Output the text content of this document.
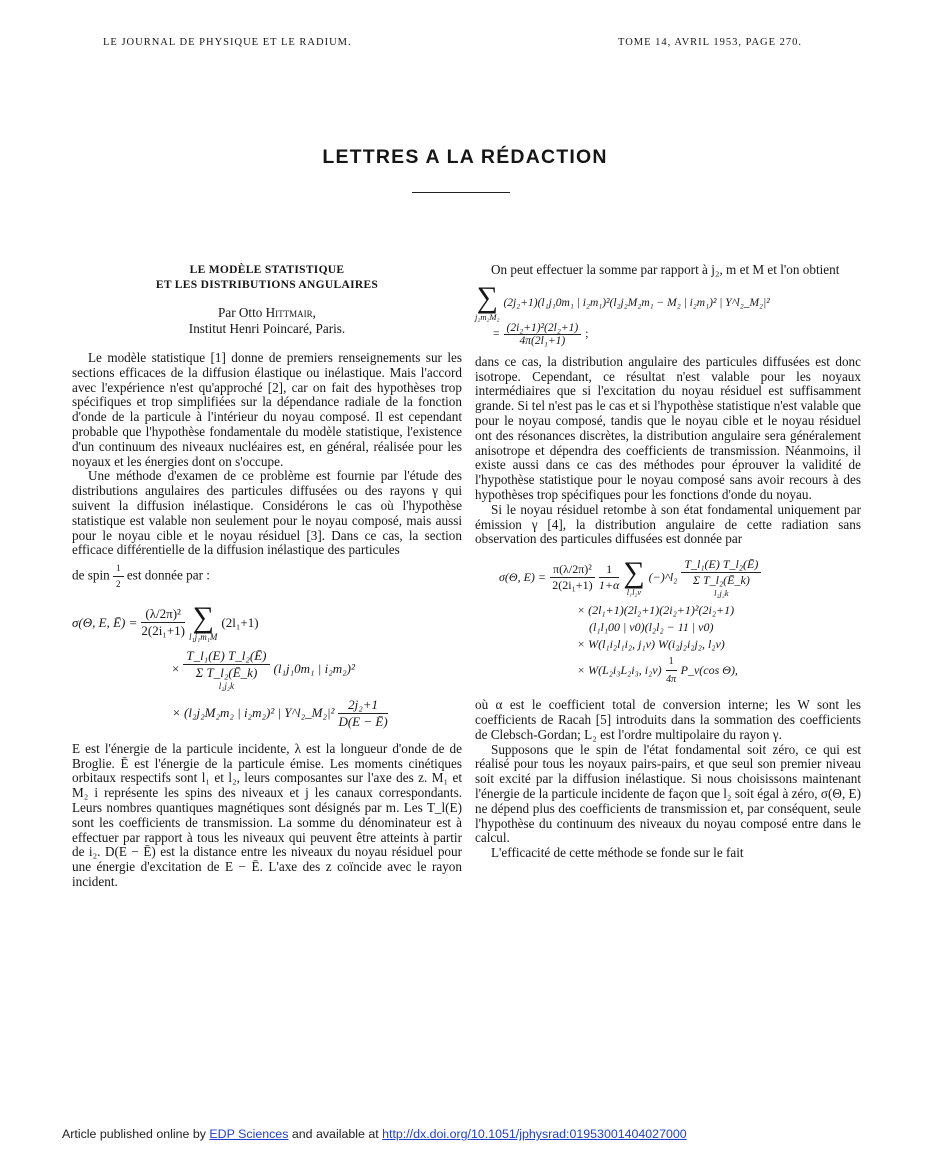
LE JOURNAL DE PHYSIQUE ET LE RADIUM.	TOME 14, AVRIL 1953, PAGE 270.
LETTRES A LA RÉDACTION
LE MODÈLE STATISTIQUE
ET LES DISTRIBUTIONS ANGULAIRES
Par Otto Hittmair,
Institut Henri Poincaré, Paris.

Le modèle statistique [1] donne de premiers renseignements sur les sections efficaces de la diffusion élastique ou inélastique. Mais l'accord avec l'expérience n'est qu'approché [2], car on fait des hypothèses trop spécifiques et trop simplifiées sur la dépendance radiale de la fonction d'onde de la particule à l'intérieur du noyau composé. Il est cependant probable que l'hypothèse fondamentale du modèle statistique, l'existence d'un continuum des niveaux nucléaires est, en général, réalisée pour les noyaux et les énergies dont on s'occupe.

Une méthode d'examen de ce problème est fournie par l'étude des distributions angulaires des particules diffusées ou des rayons γ qui suivent la diffusion inélastique. Considérons le cas où l'hypothèse statistique est valable non seulement pour le noyau composé, mais aussi pour le noyau cible et le noyau résiduel [3]. Dans ce cas, la section efficace différentielle de la diffusion inélastique des particules

de spin $\frac{1}{2}$ est donnée par :

σ(Θ, E, Ē) = $\frac{\text{(λ/2π)²}}{\text{2(2i₁+1)}}$ ∑
l₁j₁m₁M
(2l₁+1)
×
T_l₁(E) T_l₂(Ē)
Σ T_l₂(Ē_k)
l₂j₂k
(l₁j₁0m₁ | i₂m₂)²
× (l₂j₂M₂m₂ | i₂m₂)² | Y^l₂_M₂|² $\frac{\text{2j₂+1}}{D(E - Ē)}$

E est l'énergie de la particule incidente, λ est la longueur d'onde de de Broglie. Ē est l'énergie de la particule émise. Les moments cinétiques orbitaux respectifs sont l₁ et l₂, leurs composantes sur l'axe des z. M₁ et M₂ i représente les spins des niveaux et j les canaux correspondants. Leurs nombres quantiques magnétiques sont désignés par m. Les T_l(E) sont les coefficients de transmission. La somme du dénominateur est à effectuer par rapport à tous les niveaux qui peuvent être atteints à partir de i₂. D(E − Ē) est la distance entre les niveaux du noyau résiduel pour une énergie d'excitation de E − Ē. L'axe des z coïncide avec le rayon incident.

On peut effectuer la somme par rapport à j₂, m et M et l'on obtient

∑
j₂m₂M₂
(2j₂+1)(l₁j₁0m₁ | i₂m₁)²(l₂j₂M₂m₁ − M₂ | i₂m₁)² | Y^l₂_M₂|²
= $\frac{\text{(2i₂+1)²(2l₂+1)}}{\text{4π(2l₁+1)}}$ ;

dans ce cas, la distribution angulaire des particules diffusées est donc isotrope. Cependant, ce résultat n'est valable pour les noyaux intermédiaires que si l'excitation du noyau résiduel est suffisamment grande. Si tel n'est pas le cas et si l'hypothèse statistique n'est valable que pour le noyau composé, tandis que le noyau cible et le noyau résiduel ont des résonances discrètes, la distribution angulaire sera généralement anisotrope et dépendra des coefficients de transmission. Néanmoins, il existe aussi dans ce cas des méthodes pour éprouver la validité de l'hypothèse statistique pour le noyau composé sans avoir recours à des hypothèses trop spécifiques pour les fonctions d'onde du noyau.

Si le noyau résiduel retombe à son état fondamental uniquement par émission γ [4], la distribution angulaire de cette radiation sans observation des particules diffusées est donnée par

σ(Θ, $E) = \frac{\text{π(λ/2π)²}}{\text{2(2i₁+1)}} \frac{1}{1+\alpha}$ ∑
l₁l₂ν
(−)^l₂
T_l₁(E) T_l₂(Ē)
Σ T_l₂(Ē_k)
l₂j₂k
× (2l₁+1)(2l₂+1)(2i₂+1)²(2i₂+1)
(l₁l₁00 | ν0)(l₂l₂ − 11 | ν0)
× W(l₁i₂l₁i₂, j₁ν) W(i₂j₂i₂j₂, l₂ν)
× W(L₂i₃L₂i₃, $i_2\nu) \frac{1}{4\pi}$ P_ν(cos Θ),

où α est le coefficient total de conversion interne; les W sont les coefficients de Racah [5] introduits dans la sommation des coefficients de Clebsch-Gordan; L₂ est l'ordre multipolaire du rayon γ.

Supposons que le spin de l'état fondamental soit zéro, ce qui est réalisé pour tous les noyaux pairs-pairs, et que seul son premier niveau soit excité par la diffusion inélastique. Si nous choisissons maintenant l'énergie de la particule incidente de façon que l₂ soit égal à zéro, σ(Θ, E) ne dépend plus des coefficients de transmission et, par conséquent, seule l'hypothèse du continuum des niveaux du noyau composé entre dans le calcul.

L'efficacité de cette méthode se fonde sur le fait

Article published online by EDP Sciences and available at http://dx.doi.org/10.1051/jphysrad:01953001404027000
